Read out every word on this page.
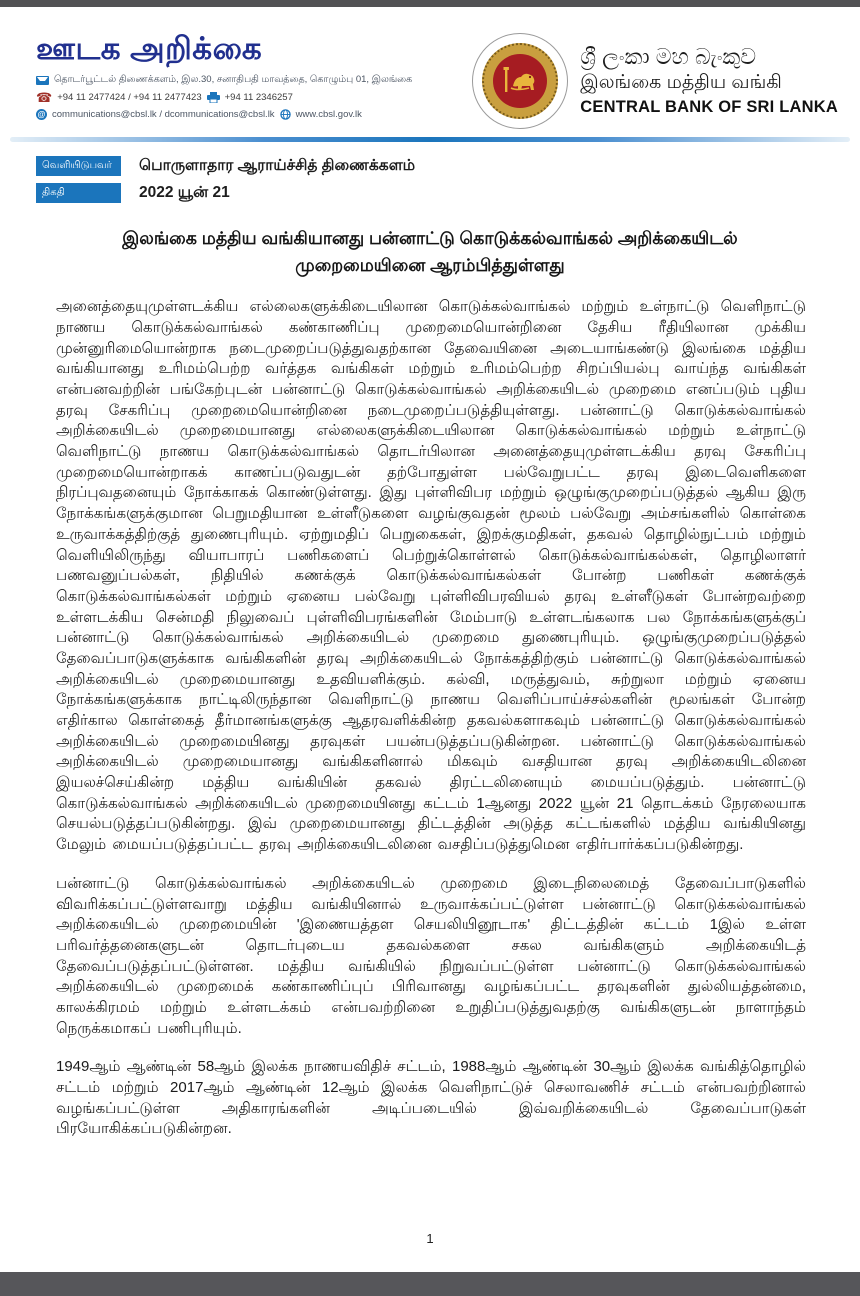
ஊடக அறிக்கை
தொடர்பூட்டல் திணைக்களம், இல.30, சனாதிபதி மாவத்தை, கொழும்பு 01, இலங்கை
☎ +94 11 2477424 / +94 11 2477423 +94 11 2346257
@ communications@cbsl.lk / dcommunications@cbsl.lk www.cbsl.gov.lk
ශ්‍රී ලංකා මහ බැංකුව
இலங்கை மத்திய வங்கி
CENTRAL BANK OF SRI LANKA
வெளியிடுபவர்	பொருளாதார ஆராய்ச்சித் திணைக்களம்
திகதி	2022 யூன் 21
இலங்கை மத்திய வங்கியானது பன்னாட்டு கொடுக்கல்வாங்கல் அறிக்கையிடல் முறைமையினை ஆரம்பித்துள்ளது

அனைத்தையுமுள்ளடக்கிய எல்லைகளுக்கிடையிலான கொடுக்கல்வாங்கல் மற்றும் உள்நாட்டு வெளிநாட்டு நாணய கொடுக்கல்வாங்கல் கண்காணிப்பு முறைமையொன்றினை தேசிய ரீதியிலான முக்கிய முன்னுரிமையொன்றாக நடைமுறைப்படுத்துவதற்கான தேவையினை அடையாங்கண்டு இலங்கை மத்திய வங்கியானது உரிமம்பெற்ற வர்த்தக வங்கிகள் மற்றும் உரிமம்பெற்ற சிறப்பியல்பு வாய்ந்த வங்கிகள் என்பனவற்றின் பங்கேற்புடன் பன்னாட்டு கொடுக்கல்வாங்கல் அறிக்கையிடல் முறைமை எனப்படும் புதிய தரவு சேகரிப்பு முறைமையொன்றினை நடைமுறைப்படுத்தியுள்ளது. பன்னாட்டு கொடுக்கல்வாங்கல் அறிக்கையிடல் முறைமையானது எல்லைகளுக்கிடையிலான கொடுக்கல்வாங்கல் மற்றும் உள்நாட்டு வெளிநாட்டு நாணய கொடுக்கல்வாங்கல் தொடர்பிலான அனைத்தையுமுள்ளடக்கிய தரவு சேகரிப்பு முறைமையொன்றாகக் காணப்படுவதுடன் தற்போதுள்ள பல்வேறுபட்ட தரவு இடைவெளிகளை நிரப்புவதனையும் நோக்காகக் கொண்டுள்ளது. இது புள்ளிவிபர மற்றும் ஒழுங்குமுறைப்படுத்தல் ஆகிய இரு நோக்கங்களுக்குமான பெறுமதியான உள்ளீடுகளை வழங்குவதன் மூலம் பல்வேறு அம்சங்களில் கொள்கை உருவாக்கத்திற்குத் துணைபுரியும். ஏற்றுமதிப் பெறுகைகள், இறக்குமதிகள், தகவல் தொழில்நுட்பம் மற்றும் வெளியிலிருந்து வியாபாரப் பணிகளைப் பெற்றுக்கொள்ளல் கொடுக்கல்வாங்கல்கள், தொழிலாளர் பணவனுப்பல்கள், நிதியில் கணக்குக் கொடுக்கல்வாங்கல்கள் போன்ற பணிகள் கணக்குக் கொடுக்கல்வாங்கல்கள் மற்றும் ஏனைய பல்வேறு புள்ளிவிபரவியல் தரவு உள்ளீடுகள் போன்றவற்றை உள்ளடக்கிய சென்மதி நிலுவைப் புள்ளிவிபரங்களின் மேம்பாடு உள்ளடங்கலாக பல நோக்கங்களுக்குப் பன்னாட்டு கொடுக்கல்வாங்கல் அறிக்கையிடல் முறைமை துணைபுரியும். ஒழுங்குமுறைப்படுத்தல் தேவைப்பாடுகளுக்காக வங்கிகளின் தரவு அறிக்கையிடல் நோக்கத்திற்கும் பன்னாட்டு கொடுக்கல்வாங்கல் அறிக்கையிடல் முறைமையானது உதவியளிக்கும். கல்வி, மருத்துவம், சுற்றுலா மற்றும் ஏனைய நோக்கங்களுக்காக நாட்டிலிருந்தான வெளிநாட்டு நாணய வெளிப்பாய்ச்சல்களின் மூலங்கள் போன்ற எதிர்கால கொள்கைத் தீர்மானங்களுக்கு ஆதரவளிக்கின்ற தகவல்களாகவும் பன்னாட்டு கொடுக்கல்வாங்கல் அறிக்கையிடல் முறைமையினது தரவுகள் பயன்படுத்தப்படுகின்றன. பன்னாட்டு கொடுக்கல்வாங்கல் அறிக்கையிடல் முறைமையானது வங்கிகளினால் மிகவும் வசதியான தரவு அறிக்கையிடலினை இயலச்செய்கின்ற மத்திய வங்கியின் தகவல் திரட்டலினையும் மையப்படுத்தும். பன்னாட்டு கொடுக்கல்வாங்கல் அறிக்கையிடல் முறைமையினது கட்டம் 1ஆனது 2022 யூன் 21 தொடக்கம் நேரலையாக செயல்படுத்தப்படுகின்றது. இவ் முறைமையானது திட்டத்தின் அடுத்த கட்டங்களில் மத்திய வங்கியினது மேலும் மையப்படுத்தப்பட்ட தரவு அறிக்கையிடலினை வசதிப்படுத்துமென எதிர்பார்க்கப்படுகின்றது.

பன்னாட்டு கொடுக்கல்வாங்கல் அறிக்கையிடல் முறைமை இடைநிலைமைத் தேவைப்பாடுகளில் விவரிக்கப்பட்டுள்ளவாறு மத்திய வங்கியினால் உருவாக்கப்பட்டுள்ள பன்னாட்டு கொடுக்கல்வாங்கல் அறிக்கையிடல் முறைமையின் 'இணையத்தள செயலியினூடாக' திட்டத்தின் கட்டம் 1இல் உள்ள பரிவர்த்தனைகளுடன் தொடர்புடைய தகவல்களை சகல வங்கிகளும் அறிக்கையிடத் தேவைப்படுத்தப்பட்டுள்ளன. மத்திய வங்கியில் நிறுவப்பட்டுள்ள பன்னாட்டு கொடுக்கல்வாங்கல் அறிக்கையிடல் முறைமைக் கண்காணிப்புப் பிரிவானது வழங்கப்பட்ட தரவுகளின் துல்லியத்தன்மை, காலக்கிரமம் மற்றும் உள்ளடக்கம் என்பவற்றினை உறுதிப்படுத்துவதற்கு வங்கிகளுடன் நாளாந்தம் நெருக்கமாகப் பணிபுரியும்.

1949ஆம் ஆண்டின் 58ஆம் இலக்க நாணயவிதிச் சட்டம், 1988ஆம் ஆண்டின் 30ஆம் இலக்க வங்கித்தொழில் சட்டம் மற்றும் 2017ஆம் ஆண்டின் 12ஆம் இலக்க வெளிநாட்டுச் செலாவணிச் சட்டம் என்பவற்றினால் வழங்கப்பட்டுள்ள அதிகாரங்களின் அடிப்படையில் இவ்வறிக்கையிடல் தேவைப்பாடுகள் பிரயோகிக்கப்படுகின்றன.

1
